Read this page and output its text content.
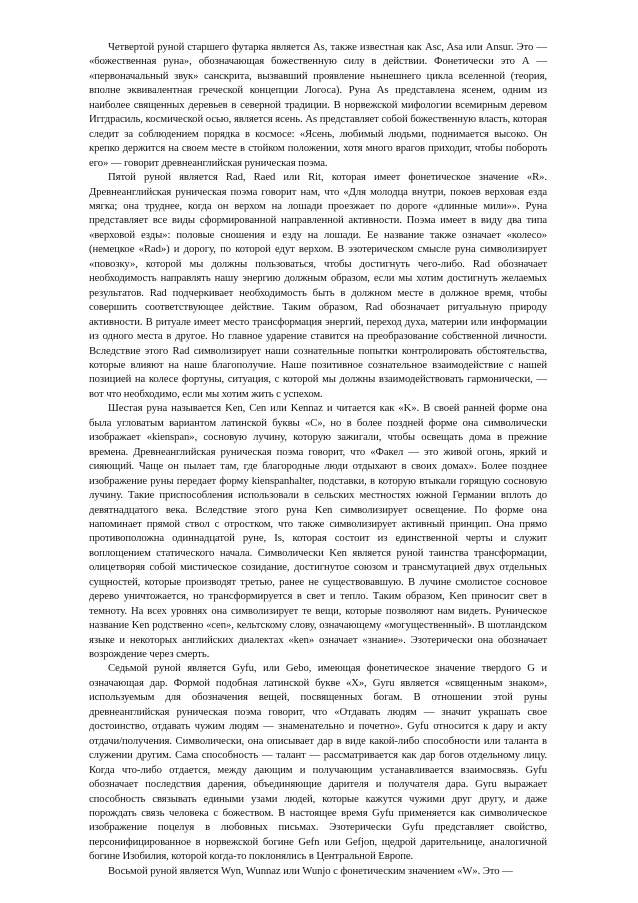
Четвертой руной старшего футарка является As, также известная как Asc, Asa или Ansur. Это — «божественная руна», обозначающая божественную силу в действии. Фонетически это А — «первоначальный звук» санскрита, вызвавший проявление нынешнего цикла вселенной (теория, вполне эквивалентная греческой концепции Логоса). Руна As представлена ясенем, одним из наиболее священных деревьев в северной традиции. В норвежской мифологии всемирным деревом Иггдрасиль, космической осью, является ясень. As представляет собой божественную власть, которая следит за соблюдением порядка в космосе: «Ясень, любимый людьми, поднимается высоко. Он крепко держится на своем месте в стойком положении, хотя много врагов приходит, чтобы побороть его» — говорит древнеанглийская руническая поэма.

Пятой руной является Rad, Raed или Rit, которая имеет фонетическое значение «R». Древнеанглийская руническая поэма говорит нам, что «Для молодца внутри, покоев верховая езда мягка; она труднее, когда он верхом на лошади проезжает по дороге «длинные мили»». Руна представляет все виды сформированной направленной активности. Поэма имеет в виду два типа «верховой езды»: половые сношения и езду на лошади. Ее название также означает «колесо» (немецкое «Rad») и дорогу, по которой едут верхом. В эзотерическом смысле руна символизирует «повозку», которой мы должны пользоваться, чтобы достигнуть чего-либо. Rad обозначает необходимость направлять нашу энергию должным образом, если мы хотим достигнуть желаемых результатов. Rad подчеркивает необходимость быть в должном месте в должное время, чтобы совершить соответствующее действие. Таким образом, Rad обозначает ритуальную природу активности. В ритуале имеет место трансформация энергий, переход духа, материи или информации из одного места в другое. Но главное ударение ставится на преобразование собственной личности. Вследствие этого Rad символизирует наши сознательные попытки контролировать обстоятельства, которые влияют на наше благополучие. Наше позитивное сознательное взаимодействие с нашей позицией на колесе фортуны, ситуация, с которой мы должны взаимодействовать гармонически, — вот что необходимо, если мы хотим жить с успехом.

Шестая руна называется Ken, Cen или Kennaz и читается как «K». В своей ранней форме она была угловатым вариантом латинской буквы «C», но в более поздней форме она символически изображает «kienspan», сосновую лучину, которую зажигали, чтобы освещать дома в прежние времена. Древнеанглийская руническая поэма говорит, что «Факел — это живой огонь, яркий и сияющий. Чаще он пылает там, где благородные люди отдыхают в своих домах». Более позднее изображение руны передает форму kienspanhalter, подставки, в которую втыкали горящую сосновую лучину. Такие приспособления использовали в сельских местностях южной Германии вплоть до девятнадцатого века. Вследствие этого руна Ken символизирует освещение. По форме она напоминает прямой ствол с отростком, что также символизирует активный принцип. Она прямо противоположна одиннадцатой руне, Is, которая состоит из единственной черты и служит воплощением статического начала. Символически Ken является руной таинства трансформации, олицетворяя собой мистическое созидание, достигнутое союзом и трансмутацией двух отдельных сущностей, которые производят третью, ранее не существовавшую. В лучине смолистое сосновое дерево уничтожается, но трансформируется в свет и тепло. Таким образом, Ken приносит свет в темноту. На всех уровнях она символизирует те вещи, которые позволяют нам видеть. Руническое название Ken родственно «cen», кельтскому слову, означающему «могущественный». В шотландском языке и некоторых английских диалектах «ken» означает «знание». Эзотерически она обозначает возрождение через смерть.

Седьмой руной является Gyfu, или Gebo, имеющая фонетическое значение твердого G и означающая дар. Формой подобная латинской букве «X», Gyru является «священным знаком», используемым для обозначения вещей, посвященных богам. В отношении этой руны древнеанглийская руническая поэма говорит, что «Отдавать людям — значит украшать свое достоинство, отдавать чужим людям — знаменательно и почетно». Gyfu относится к дару и акту отдачи/получения. Символически, она описывает дар в виде какой-либо способности или таланта в служении другим. Сама способность — талант — рассматривается как дар богов отдельному лицу. Когда что-либо отдается, между дающим и получающим устанавливается взаимосвязь. Gyfu обозначает последствия дарения, объединяющие дарителя и получателя дара. Gyru выражает способность связывать едиными узами людей, которые кажутся чужими друг другу, и даже порождать связь человека с божеством. В настоящее время Gyfu применяется как символическое изображение поцелуя в любовных письмах. Эзотерически Gyfu представляет свойство, персонифицированное в норвежской богине Gefn или Gefjon, щедрой дарительнице, аналогичной богине Изобилия, которой когда-то поклонялись в Центральной Европе.

Восьмой руной является Wyn, Wunnaz или Wunjo с фонетическим значением «W». Это —
